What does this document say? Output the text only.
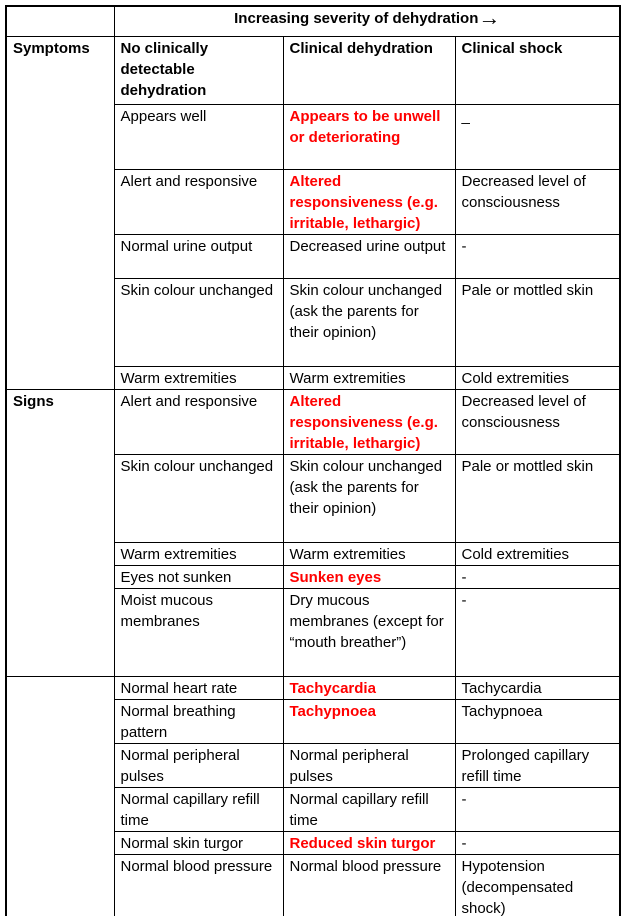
	Increasing severity of dehydration→		
Symptoms	No clinically detectable dehydration	Clinical dehydration	Clinical shock
	Appears well	Appears to be unwell or deteriorating	_
	Alert and responsive	Altered responsiveness (e.g. irritable, lethargic)	Decreased level of consciousness
	Normal urine output	Decreased urine output	-
	Skin colour unchanged	Skin colour unchanged (ask the parents for their opinion)	Pale or mottled skin
	Warm extremities	Warm extremities	Cold extremities
Signs	Alert and responsive	Altered responsiveness (e.g. irritable, lethargic)	Decreased level of consciousness
	Skin colour unchanged	Skin colour unchanged (ask the parents for their opinion)	Pale or mottled skin
	Warm extremities	Warm extremities	Cold extremities
	Eyes not sunken	Sunken eyes	-
	Moist mucous membranes	Dry mucous membranes (except for “mouth breather”)	-
	Normal heart rate	Tachycardia	Tachycardia
	Normal breathing pattern	Tachypnoea	Tachypnoea
	Normal peripheral pulses	Normal peripheral pulses	Prolonged capillary refill time
	Normal capillary refill time	Normal capillary refill time	-
	Normal skin turgor	Reduced skin turgor	-
	Normal blood pressure	Normal blood pressure	Hypotension (decompensated shock)
